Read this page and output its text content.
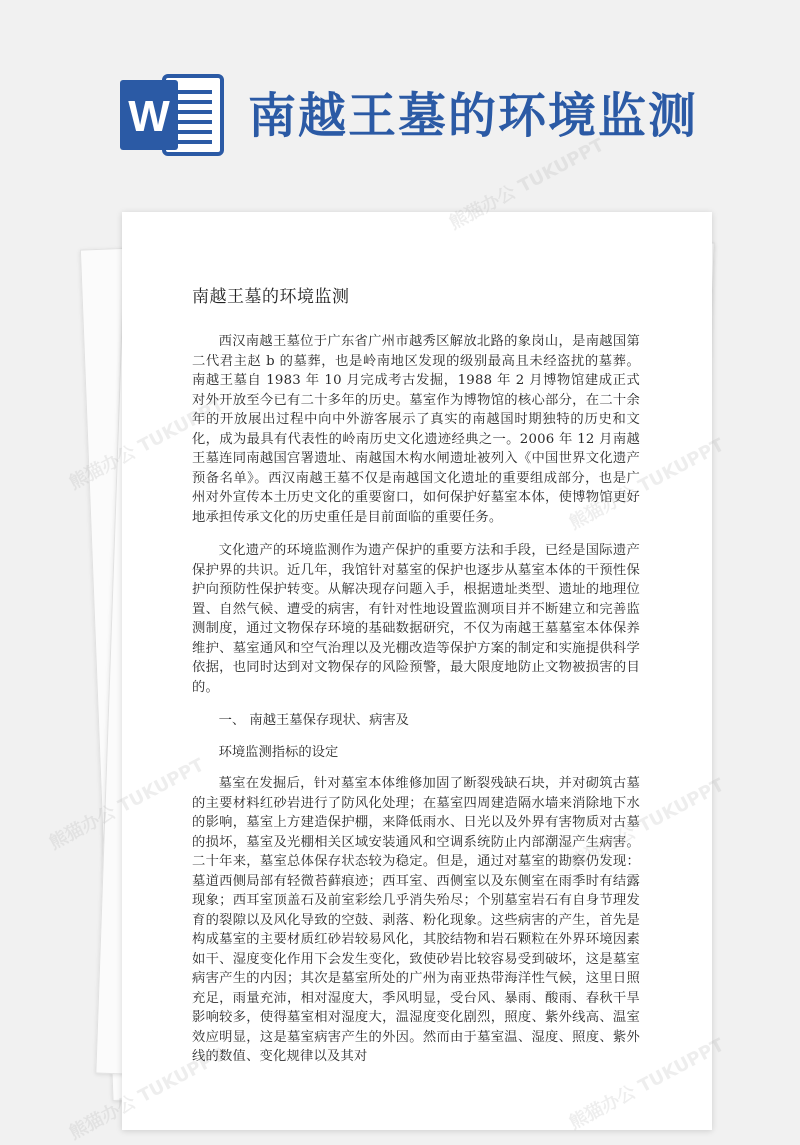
W 南越王墓的环境监测
南越王墓的环境监测

西汉南越王墓位于广东省广州市越秀区解放北路的象岗山，是南越国第二代君主赵 b 的墓葬，也是岭南地区发现的级别最高且未经盗扰的墓葬。南越王墓自 1983 年 10 月完成考古发掘，1988 年 2 月博物馆建成正式对外开放至今已有二十多年的历史。墓室作为博物馆的核心部分，在二十余年的开放展出过程中向中外游客展示了真实的南越国时期独特的历史和文化，成为最具有代表性的岭南历史文化遗迹经典之一。2006 年 12 月南越王墓连同南越国宫署遗址、南越国木构水闸遗址被列入《中国世界文化遗产预备名单》。西汉南越王墓不仅是南越国文化遗址的重要组成部分，也是广州对外宣传本土历史文化的重要窗口，如何保护好墓室本体，使博物馆更好地承担传承文化的历史重任是目前面临的重要任务。

文化遗产的环境监测作为遗产保护的重要方法和手段，已经是国际遗产保护界的共识。近几年，我馆针对墓室的保护也逐步从墓室本体的干预性保护向预防性保护转变。从解决现存问题入手，根据遗址类型、遗址的地理位置、自然气候、遭受的病害，有针对性地设置监测项目并不断建立和完善监测制度，通过文物保存环境的基础数据研究，不仅为南越王墓墓室本体保养维护、墓室通风和空气治理以及光棚改造等保护方案的制定和实施提供科学依据，也同时达到对文物保存的风险预警，最大限度地防止文物被损害的目的。

一、 南越王墓保存现状、病害及

环境监测指标的设定

墓室在发掘后，针对墓室本体维修加固了断裂残缺石块，并对砌筑古墓的主要材料红砂岩进行了防风化处理；在墓室四周建造隔水墙来消除地下水的影响，墓室上方建造保护棚，来降低雨水、日光以及外界有害物质对古墓的损坏，墓室及光棚相关区域安装通风和空调系统防止内部潮湿产生病害。二十年来，墓室总体保存状态较为稳定。但是，通过对墓室的勘察仍发现：墓道西侧局部有轻微苔藓痕迹；西耳室、西侧室以及东侧室在雨季时有结露现象；西耳室顶盖石及前室彩绘几乎消失殆尽；个别墓室岩石有自身节理发育的裂隙以及风化导致的空鼓、剥落、粉化现象。这些病害的产生，首先是构成墓室的主要材质红砂岩较易风化，其胶结物和岩石颗粒在外界环境因素如干、湿度变化作用下会发生变化，致使砂岩比较容易受到破坏，这是墓室病害产生的内因；其次是墓室所处的广州为南亚热带海洋性气候，这里日照充足，雨量充沛，相对湿度大，季风明显，受台风、暴雨、酸雨、春秋干旱影响较多，使得墓室相对湿度大，温湿度变化剧烈，照度、紫外线高、温室效应明显，这是墓室病害产生的外因。然而由于墓室温、湿度、照度、紫外线的数值、变化规律以及其对

熊猫办公 TUKUPPT
熊猫办公
熊猫办公
